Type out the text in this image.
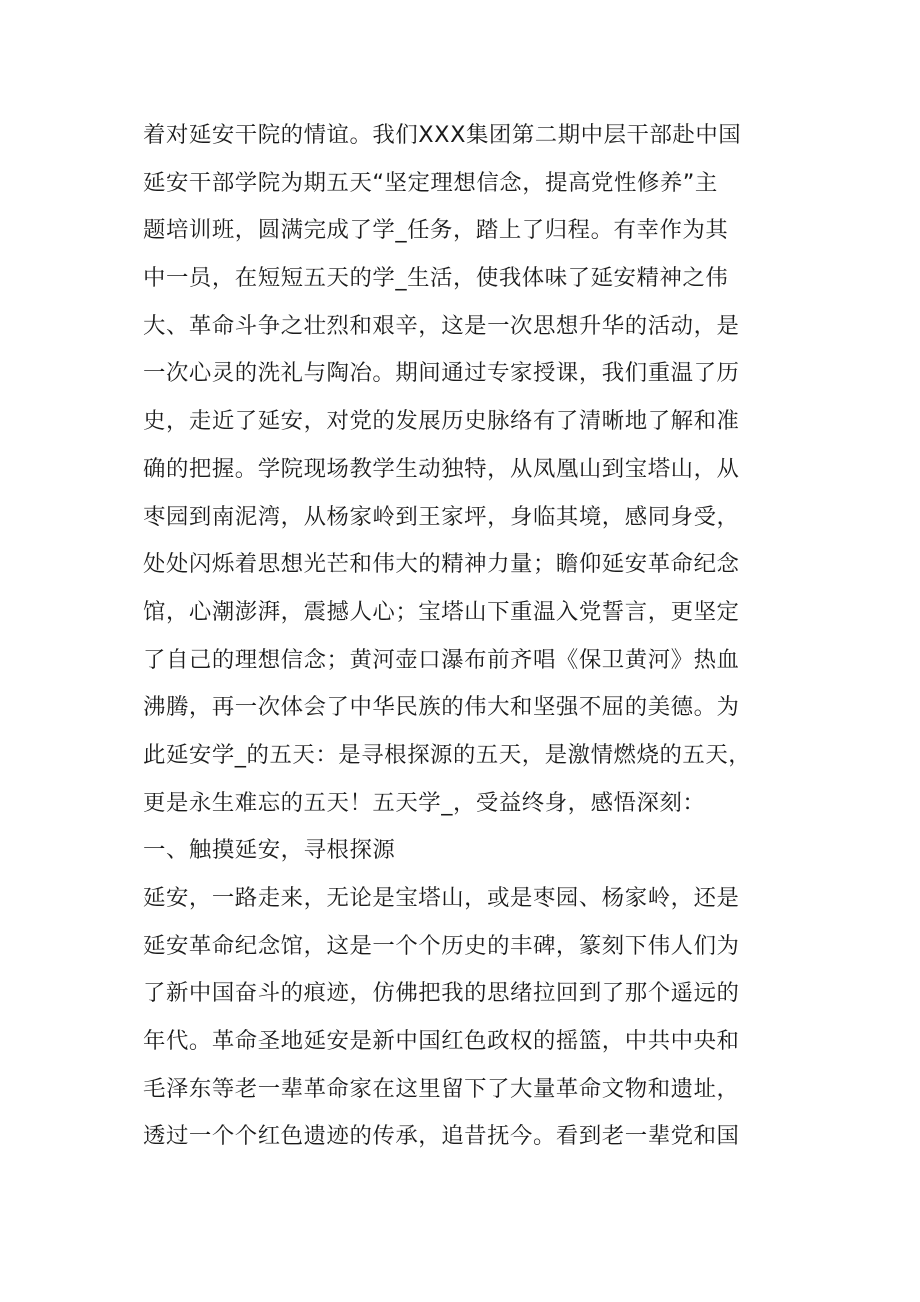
着对延安干院的情谊。我们XXX集团第二期中层干部赴中国
延安干部学院为期五天“坚定理想信念，提高党性修养”主
题培训班，圆满完成了学_任务，踏上了归程。有幸作为其
中一员，在短短五天的学_生活，使我体味了延安精神之伟
大、革命斗争之壮烈和艰辛，这是一次思想升华的活动，是
一次心灵的洗礼与陶冶。期间通过专家授课，我们重温了历
史，走近了延安，对党的发展历史脉络有了清晰地了解和准
确的把握。学院现场教学生动独特，从凤凰山到宝塔山，从
枣园到南泥湾，从杨家岭到王家坪，身临其境，感同身受，
处处闪烁着思想光芒和伟大的精神力量；瞻仰延安革命纪念
馆，心潮澎湃，震撼人心；宝塔山下重温入党誓言，更坚定
了自己的理想信念；黄河壶口瀑布前齐唱《保卫黄河》热血
沸腾，再一次体会了中华民族的伟大和坚强不屈的美德。为
此延安学_的五天：是寻根探源的五天，是激情燃烧的五天，
更是永生难忘的五天！五天学_，受益终身，感悟深刻：
一、触摸延安，寻根探源
延安，一路走来，无论是宝塔山，或是枣园、杨家岭，还是
延安革命纪念馆，这是一个个历史的丰碑，篆刻下伟人们为
了新中国奋斗的痕迹，仿佛把我的思绪拉回到了那个遥远的
年代。革命圣地延安是新中国红色政权的摇篮，中共中央和
毛泽东等老一辈革命家在这里留下了大量革命文物和遗址，
透过一个个红色遗迹的传承，追昔抚今。看到老一辈党和国
